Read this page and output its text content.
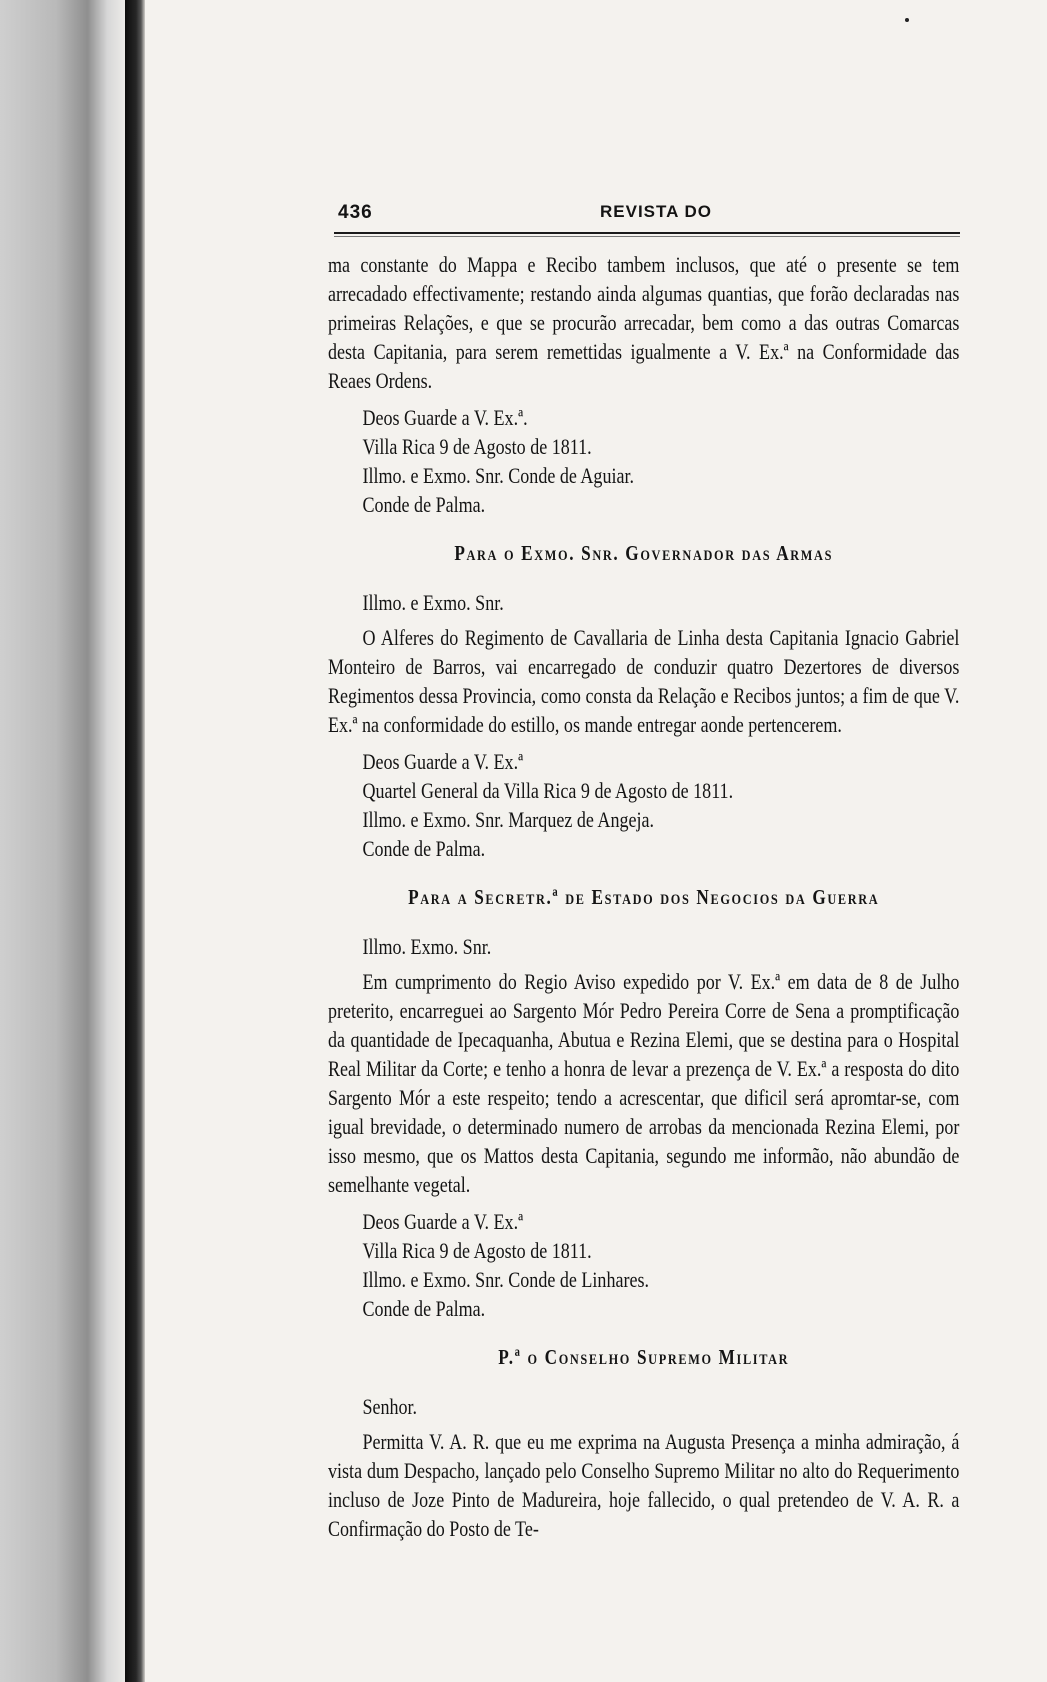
436	REVISTA DO

ma constante do Mappa e Recibo tambem inclusos, que até o presente se tem arrecadado effectivamente; restando ainda algumas quantias, que forão declaradas nas primeiras Relações, e que se procurão arrecadar, bem como a das outras Comarcas desta Capitania, para serem remettidas igualmente a V. Ex.ª na Conformidade das Reaes Ordens.

Deos Guarde a V. Ex.ª.

Villa Rica 9 de Agosto de 1811.

Illmo. e Exmo. Snr. Conde de Aguiar.

Conde de Palma.

Para o Exmo. Snr. Governador das Armas

Illmo. e Exmo. Snr.

O Alferes do Regimento de Cavallaria de Linha desta Capitania Ignacio Gabriel Monteiro de Barros, vai encarregado de conduzir quatro Dezertores de diversos Regimentos dessa Provincia, como consta da Relação e Recibos juntos; a fim de que V. Ex.ª na conformidade do estillo, os mande entregar aonde pertencerem.

Deos Guarde a V. Ex.ª

Quartel General da Villa Rica 9 de Agosto de 1811.

Illmo. e Exmo. Snr. Marquez de Angeja.

Conde de Palma.

Para a Secretr.ª de Estado dos Negocios da Guerra

Illmo. Exmo. Snr.

Em cumprimento do Regio Aviso expedido por V. Ex.ª em data de 8 de Julho preterito, encarreguei ao Sargento Mór Pedro Pereira Corre de Sena a promptificação da quantidade de Ipecaquanha, Abutua e Rezina Elemi, que se destina para o Hospital Real Militar da Corte; e tenho a honra de levar a prezença de V. Ex.ª a resposta do dito Sargento Mór a este respeito; tendo a acrescentar, que dificil será apromtar-se, com igual brevidade, o determinado numero de arrobas da mencionada Rezina Elemi, por isso mesmo, que os Mattos desta Capitania, segundo me informão, não abundão de semelhante vegetal.

Deos Guarde a V. Ex.ª

Villa Rica 9 de Agosto de 1811.

Illmo. e Exmo. Snr. Conde de Linhares.

Conde de Palma.

P.ª o Conselho Supremo Militar

Senhor.

Permitta V. A. R. que eu me exprima na Augusta Presença a minha admiração, á vista dum Despacho, lançado pelo Conselho Supremo Militar no alto do Requerimento incluso de Joze Pinto de Madureira, hoje fallecido, o qual pretendeo de V. A. R. a Confirmação do Posto de Te-
